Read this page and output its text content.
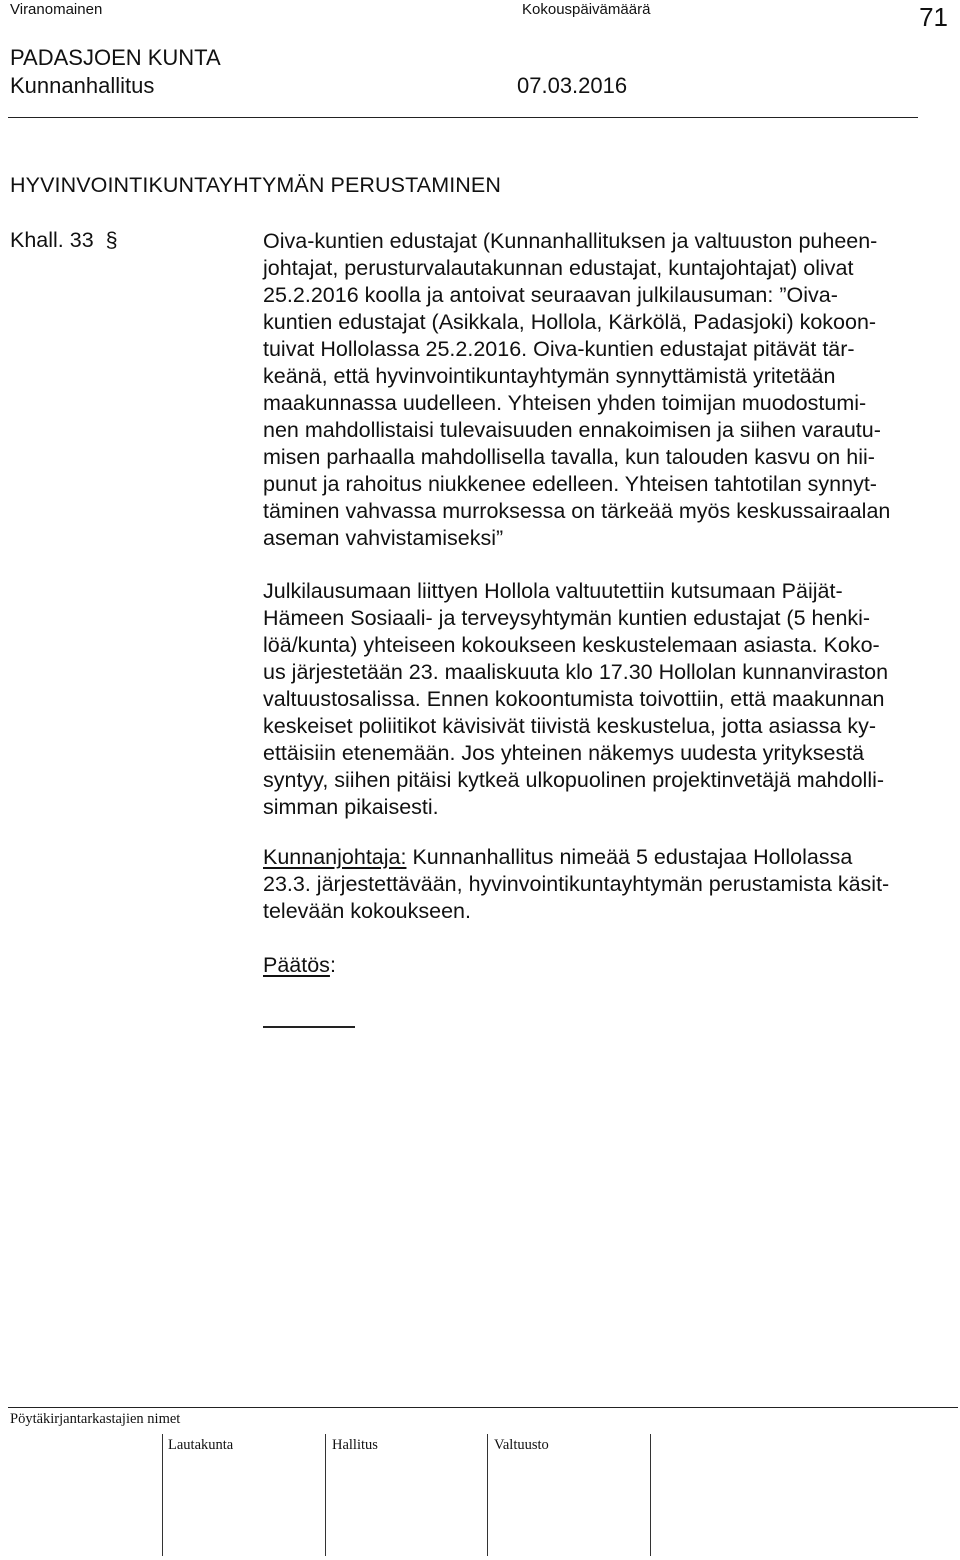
Viranomainen	Kokouspäivämäärä	71
PADASJOEN KUNTA
Kunnanhallitus	07.03.2016
HYVINVOINTIKUNTAYHTYMÄN PERUSTAMINEN
Khall. 33 §	Oiva-kuntien edustajat (Kunnanhallituksen ja valtuuston puheen-
johtajat, perusturvalautakunnan edustajat, kuntajohtajat) olivat
25.2.2016 koolla ja antoivat seuraavan julkilausuman: ”Oiva-
kuntien edustajat (Asikkala, Hollola, Kärkölä, Padasjoki) kokoon-
tuivat Hollolassa 25.2.2016. Oiva-kuntien edustajat pitävät tär-
keänä, että hyvinvointikuntayhtymän synnyttämistä yritetään
maakunnassa uudelleen. Yhteisen yhden toimijan muodostumi-
nen mahdollistaisi tulevaisuuden ennakoimisen ja siihen varautu-
misen parhaalla mahdollisella tavalla, kun talouden kasvu on hii-
punut ja rahoitus niukkenee edelleen. Yhteisen tahtotilan synnyt-
täminen vahvassa murroksessa on tärkeää myös keskussairaalan
aseman vahvistamiseksi”
Julkilausumaan liittyen Hollola valtuutettiin kutsumaan Päijät-
Hämeen Sosiaali- ja terveysyhtymän kuntien edustajat (5 henki-
löä/kunta) yhteiseen kokoukseen keskustelemaan asiasta. Koko-
us järjestetään 23. maaliskuuta klo 17.30 Hollolan kunnanviraston
valtuustosalissa. Ennen kokoontumista toivottiin, että maakunnan
keskeiset poliitikot kävisivät tiivistä keskustelua, jotta asiassa ky-
ettäisiin etenemään. Jos yhteinen näkemys uudesta yrityksestä
syntyy, siihen pitäisi kytkeä ulkopuolinen projektinvetäjä mahdolli-
simman pikaisesti.
Kunnanjohtaja: Kunnanhallitus nimeää 5 edustajaa Hollolassa
23.3. järjestettävään, hyvinvointikuntayhtymän perustamista käsit-
televään kokoukseen.
Päätös:
Pöytäkirjantarkastajien nimet
Lautakunta	Hallitus	Valtuusto
